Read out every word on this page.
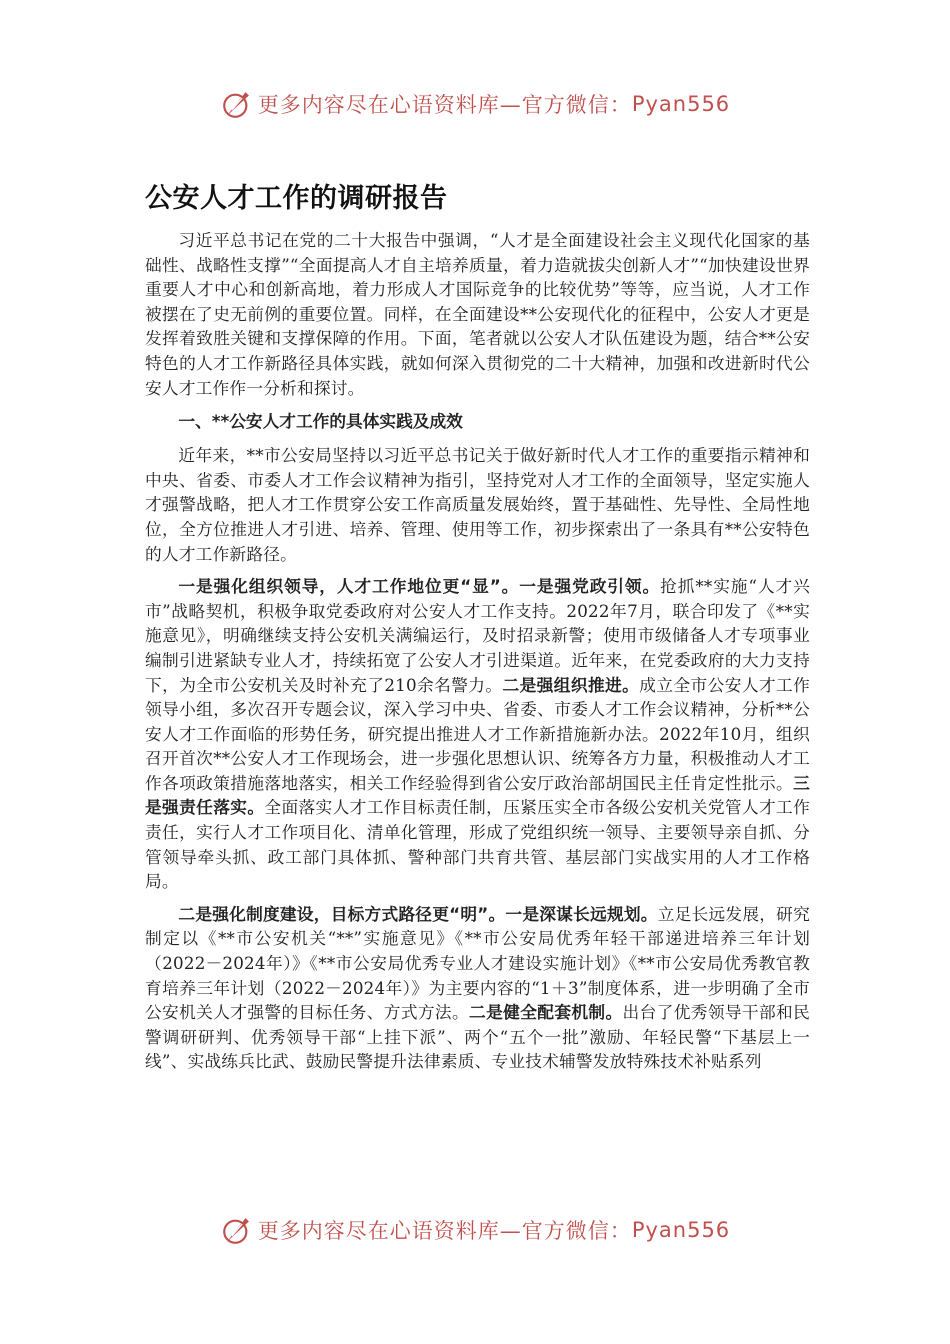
更多内容尽在心语资料库—官方微信： Pyan556
公安人才工作的调研报告

习近平总书记在党的二十大报告中强调，“人才是全面建设社会主义现代化国家的基础性、战略性支撑”“全面提高人才自主培养质量，着力造就拔尖创新人才”“加快建设世界重要人才中心和创新高地，着力形成人才国际竞争的比较优势”等等，应当说，人才工作被摆在了史无前例的重要位置。同样，在全面建设**公安现代化的征程中，公安人才更是发挥着致胜关键和支撑保障的作用。下面，笔者就以公安人才队伍建设为题，结合**公安特色的人才工作新路径具体实践，就如何深入贯彻党的二十大精神，加强和改进新时代公安人才工作作一分析和探讨。

一、**公安人才工作的具体实践及成效

近年来，**市公安局坚持以习近平总书记关于做好新时代人才工作的重要指示精神和中央、省委、市委人才工作会议精神为指引，坚持党对人才工作的全面领导，坚定实施人才强警战略，把人才工作贯穿公安工作高质量发展始终，置于基础性、先导性、全局性地位，全方位推进人才引进、培养、管理、使用等工作，初步探索出了一条具有**公安特色的人才工作新路径。

一是强化组织领导，人才工作地位更“显”。一是强党政引领。抢抓**实施“人才兴市”战略契机，积极争取党委政府对公安人才工作支持。2022年7月，联合印发了《**实施意见》，明确继续支持公安机关满编运行，及时招录新警；使用市级储备人才专项事业编制引进紧缺专业人才，持续拓宽了公安人才引进渠道。近年来，在党委政府的大力支持下，为全市公安机关及时补充了210余名警力。二是强组织推进。成立全市公安人才工作领导小组，多次召开专题会议，深入学习中央、省委、市委人才工作会议精神，分析**公安人才工作面临的形势任务，研究提出推进人才工作新措施新办法。2022年10月，组织召开首次**公安人才工作现场会，进一步强化思想认识、统筹各方力量，积极推动人才工作各项政策措施落地落实，相关工作经验得到省公安厅政治部胡国民主任肯定性批示。三是强责任落实。全面落实人才工作目标责任制，压紧压实全市各级公安机关党管人才工作责任，实行人才工作项目化、清单化管理，形成了党组织统一领导、主要领导亲自抓、分管领导牵头抓、政工部门具体抓、警种部门共育共管、基层部门实战实用的人才工作格局。

二是强化制度建设，目标方式路径更“明”。一是深谋长远规划。立足长远发展，研究制定以《**市公安机关“**”实施意见》《**市公安局优秀年轻干部递进培养三年计划（2022－2024年）》《**市公安局优秀专业人才建设实施计划》《**市公安局优秀教官教育培养三年计划（2022－2024年）》为主要内容的“1＋3”制度体系，进一步明确了全市公安机关人才强警的目标任务、方式方法。二是健全配套机制。出台了优秀领导干部和民警调研研判、优秀领导干部“上挂下派”、两个“五个一批”激励、年轻民警“下基层上一线”、实战练兵比武、鼓励民警提升法律素质、专业技术辅警发放特殊技术补贴系列

更多内容尽在心语资料库—官方微信： Pyan556
